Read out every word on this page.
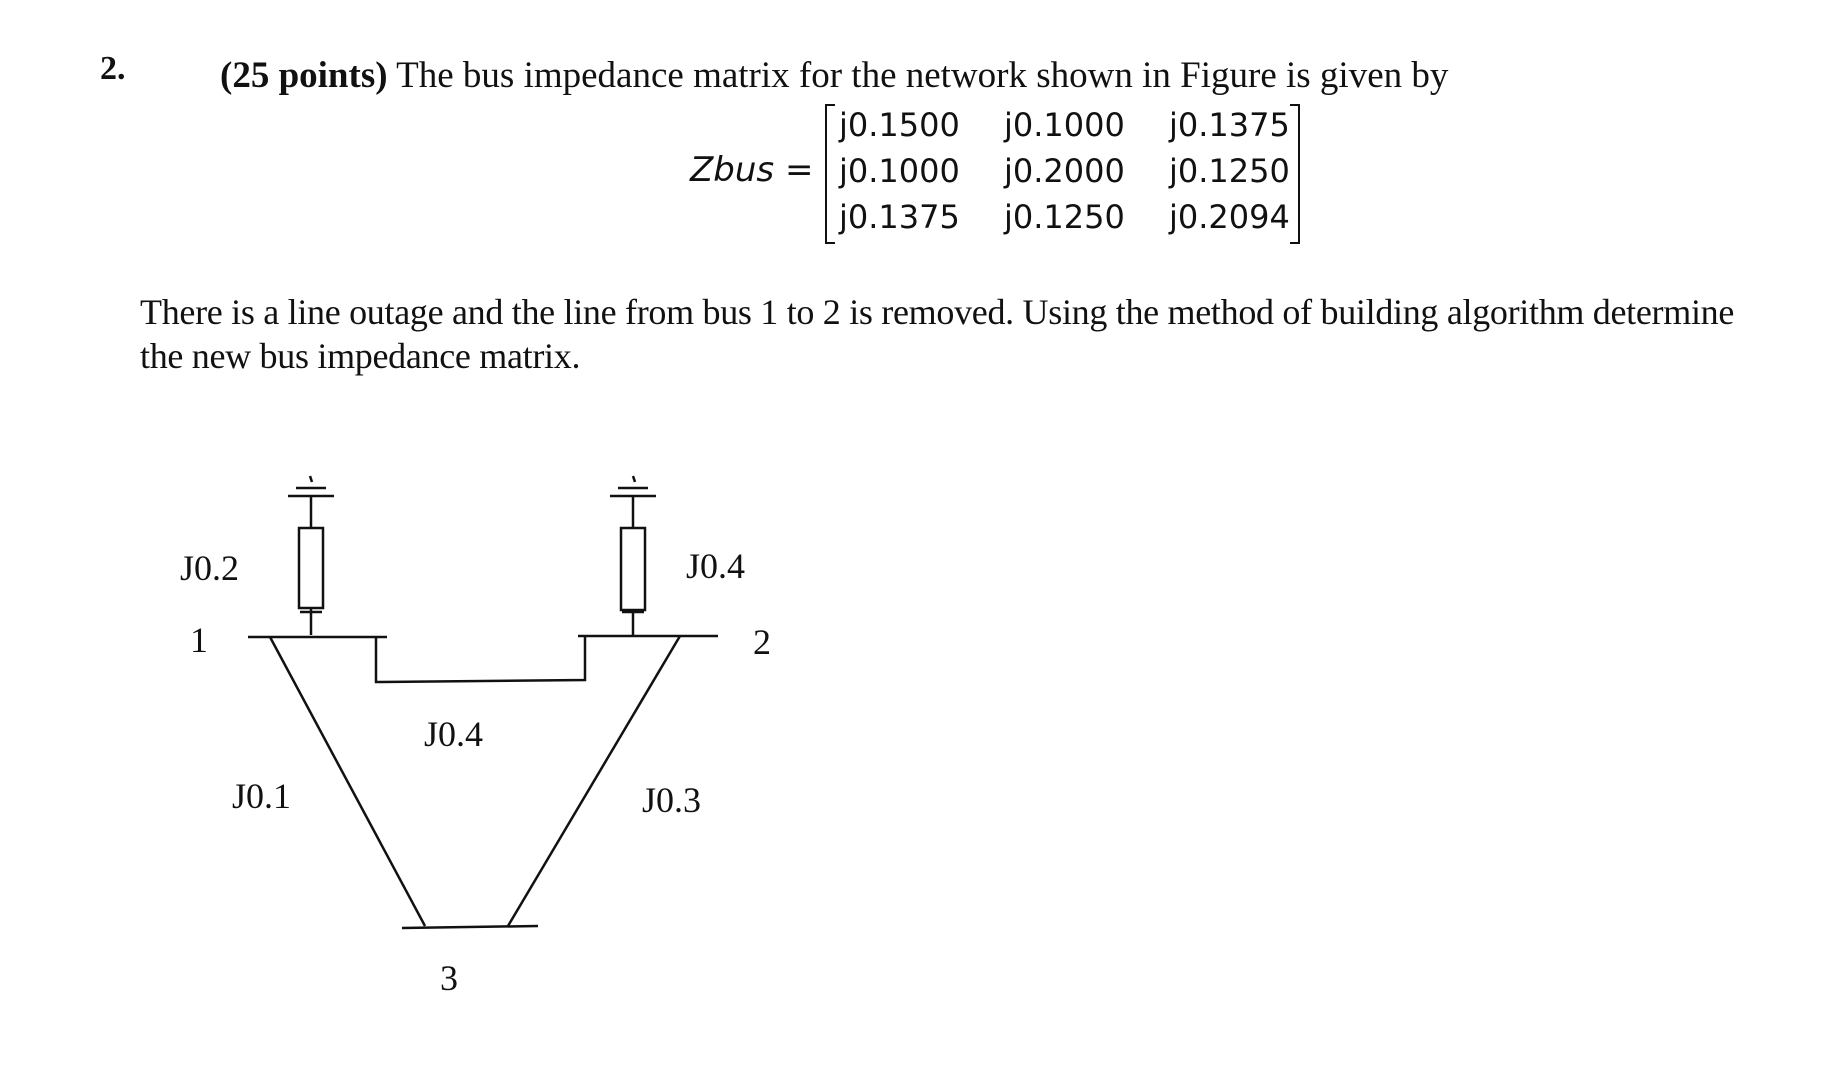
2.	(25 points) The bus impedance matrix for the network shown in Figure is given by
Zbus =
j0.1500	j0.1000	j0.1375
j0.1000	j0.2000	j0.1250
j0.1375	j0.1250	j0.2094
There is a line outage and the line from bus 1 to 2 is removed. Using the method of building algorithm determine
the new bus impedance matrix.
J0.2	J0.4
1	2
J0.4
J0.1	J0.3
3
